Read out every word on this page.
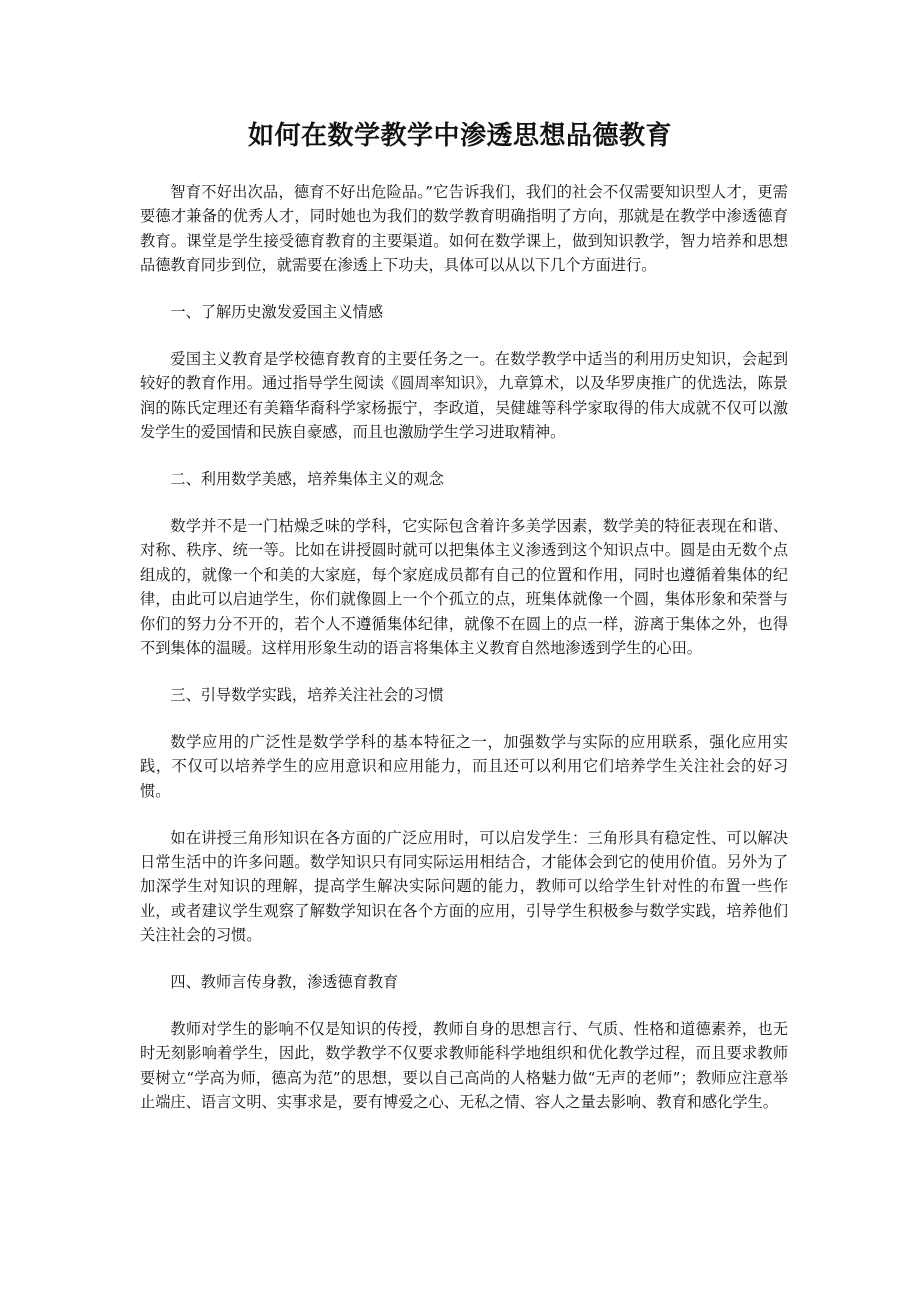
如何在数学教学中渗透思想品德教育

智育不好出次品，德育不好出危险品。”它告诉我们，我们的社会不仅需要知识型人才，更需要德才兼备的优秀人才，同时她也为我们的数学教育明确指明了方向，那就是在教学中渗透德育教育。课堂是学生接受德育教育的主要渠道。如何在数学课上，做到知识教学，智力培养和思想品德教育同步到位，就需要在渗透上下功夫，具体可以从以下几个方面进行。

一、了解历史激发爱国主义情感

爱国主义教育是学校德育教育的主要任务之一。在数学教学中适当的利用历史知识，会起到较好的教育作用。通过指导学生阅读《圆周率知识》，九章算术，以及华罗庚推广的优选法，陈景润的陈氏定理还有美籍华裔科学家杨振宁，李政道，吴健雄等科学家取得的伟大成就不仅可以激发学生的爱国情和民族自豪感，而且也激励学生学习进取精神。

二、利用数学美感，培养集体主义的观念

数学并不是一门枯燥乏味的学科，它实际包含着许多美学因素，数学美的特征表现在和谐、对称、秩序、统一等。比如在讲授圆时就可以把集体主义渗透到这个知识点中。圆是由无数个点组成的，就像一个和美的大家庭，每个家庭成员都有自己的位置和作用，同时也遵循着集体的纪律，由此可以启迪学生，你们就像圆上一个个孤立的点，班集体就像一个圆，集体形象和荣誉与你们的努力分不开的，若个人不遵循集体纪律，就像不在圆上的点一样，游离于集体之外，也得不到集体的温暖。这样用形象生动的语言将集体主义教育自然地渗透到学生的心田。

三、引导数学实践，培养关注社会的习惯

数学应用的广泛性是数学学科的基本特征之一，加强数学与实际的应用联系，强化应用实践，不仅可以培养学生的应用意识和应用能力，而且还可以利用它们培养学生关注社会的好习惯。

如在讲授三角形知识在各方面的广泛应用时，可以启发学生：三角形具有稳定性、可以解决日常生活中的许多问题。数学知识只有同实际运用相结合，才能体会到它的使用价值。另外为了加深学生对知识的理解，提高学生解决实际问题的能力，教师可以给学生针对性的布置一些作业，或者建议学生观察了解数学知识在各个方面的应用，引导学生积极参与数学实践，培养他们关注社会的习惯。

四、教师言传身教，渗透德育教育

教师对学生的影响不仅是知识的传授，教师自身的思想言行、气质、性格和道德素养，也无时无刻影响着学生，因此，数学教学不仅要求教师能科学地组织和优化教学过程，而且要求教师要树立“学高为师，德高为范”的思想，要以自己高尚的人格魅力做“无声的老师”；教师应注意举止端庄、语言文明、实事求是，要有博爱之心、无私之情、容人之量去影响、教育和感化学生。
